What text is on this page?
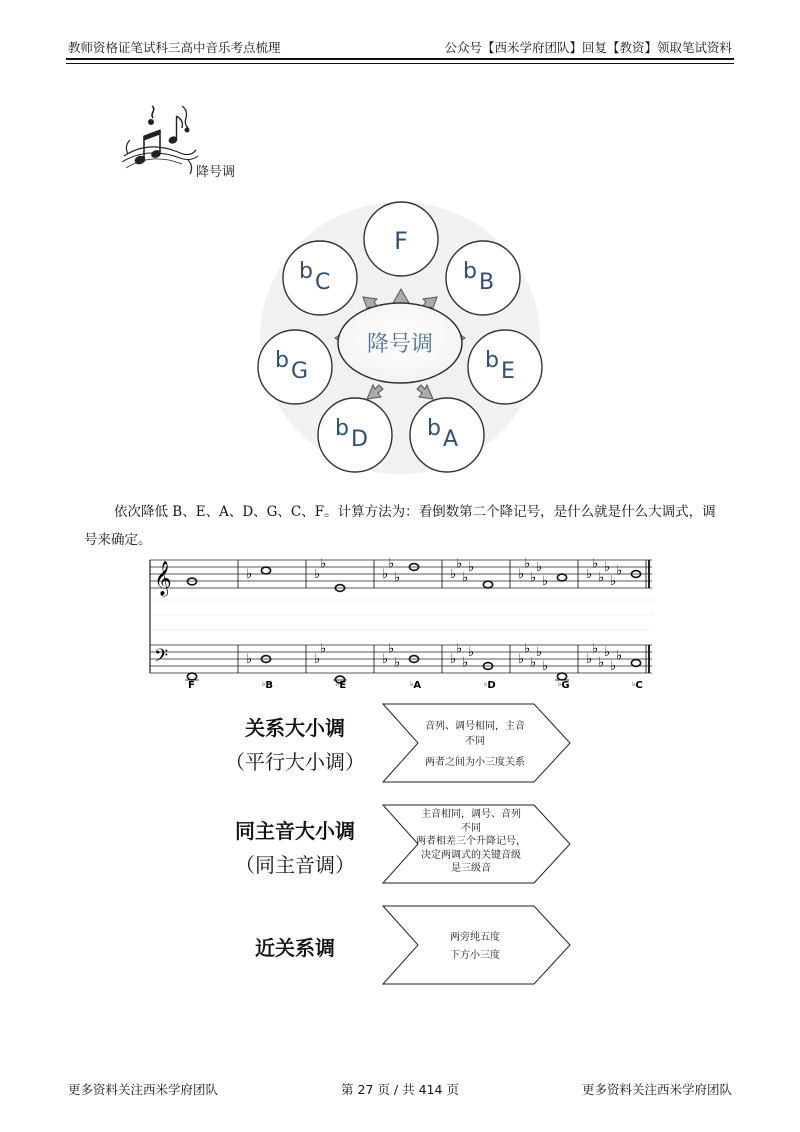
教师资格证笔试科三高中音乐考点梳理	公众号【西米学府团队】回复【教资】领取笔试资料
降号调
降号调
F
b C	b B
b G	b E
b D	b A
依次降低 B、E、A、D、G、C、F。计算方法为：看倒数第二个降记号，是什么就是什么大调式，调号来确定。
𝄞
𝄢
♭
♭
♭
♭
♭
♭
♭
♭
♭
♭
♭
♭
♭
♭
♭
♭
♭
♭
♭
♭
♭
♭
♭
♭
♭
♭
♭
♭
♭
♭
♭
♭
♭
♭
♭
♭
♭
♭
♭
♭
♭
♭
F	♭B	♭E	♭A	♭D	♭G	♭C
关系大小调
（平行大小调）
音列、调号相同，主音
不同
两者之间为小三度关系
同主音大小调
（同主音调）
主音相同，调号、音列
不同
两者相差三个升降记号，
决定两调式的关键音级
是三级音
近关系调	两旁纯五度
下方小三度
更多资料关注西米学府团队	第 27 页 / 共 414 页	更多资料关注西米学府团队
